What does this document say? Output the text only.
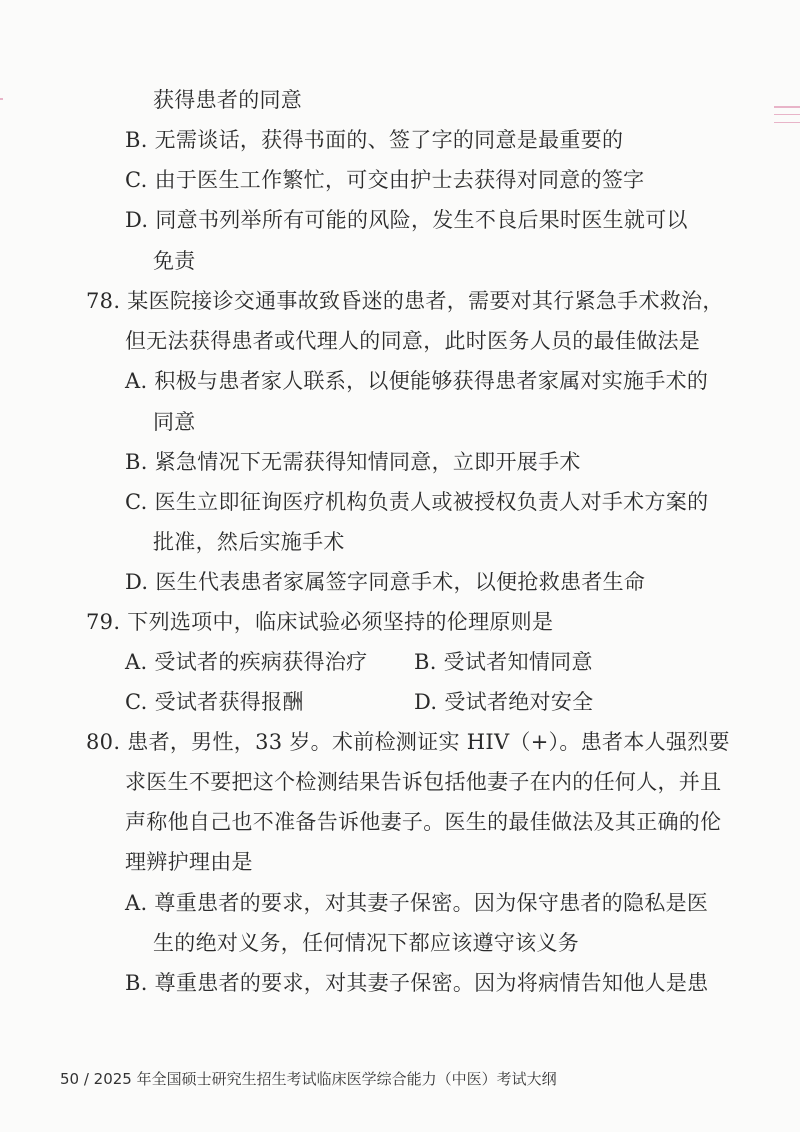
获得患者的同意
B. 无需谈话，获得书面的、签了字的同意是最重要的
C. 由于医生工作繁忙，可交由护士去获得对同意的签字
D. 同意书列举所有可能的风险，发生不良后果时医生就可以
免责
78. 某医院接诊交通事故致昏迷的患者，需要对其行紧急手术救治，
但无法获得患者或代理人的同意，此时医务人员的最佳做法是
A. 积极与患者家人联系，以便能够获得患者家属对实施手术的
同意
B. 紧急情况下无需获得知情同意，立即开展手术
C. 医生立即征询医疗机构负责人或被授权负责人对手术方案的
批准，然后实施手术
D. 医生代表患者家属签字同意手术，以便抢救患者生命
79. 下列选项中，临床试验必须坚持的伦理原则是
A. 受试者的疾病获得治疗 B. 受试者知情同意
C. 受试者获得报酬	D. 受试者绝对安全
80. 患者，男性，33 岁。术前检测证实 HIV（+）。患者本人强烈要
求医生不要把这个检测结果告诉包括他妻子在内的任何人，并且
声称他自己也不准备告诉他妻子。医生的最佳做法及其正确的伦
理辨护理由是
A. 尊重患者的要求，对其妻子保密。因为保守患者的隐私是医
生的绝对义务，任何情况下都应该遵守该义务
B. 尊重患者的要求，对其妻子保密。因为将病情告知他人是患
50 / 2025 年全国硕士研究生招生考试临床医学综合能力（中医）考试大纲
